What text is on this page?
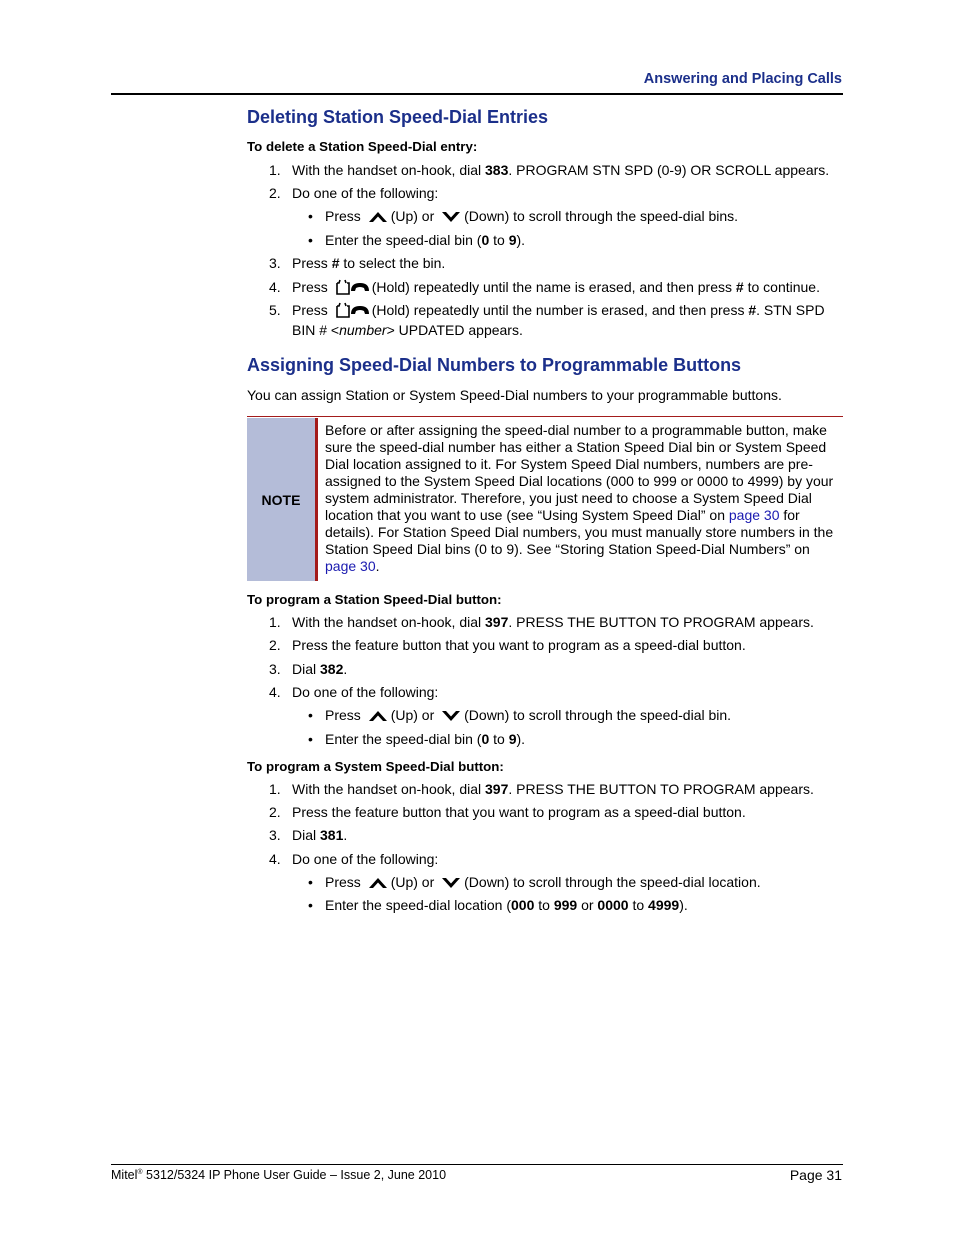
Answering and Placing Calls
Deleting Station Speed-Dial Entries
To delete a Station Speed-Dial entry:
1. With the handset on-hook, dial 383. PROGRAM STN SPD (0-9) OR SCROLL appears.
2. Do one of the following:
• Press (Up) or (Down) to scroll through the speed-dial bins.
• Enter the speed-dial bin (0 to 9).
3. Press # to select the bin.
4. Press	(Hold) repeatedly until the name is erased, and then press # to continue.
5. Press	(Hold) repeatedly until the number is erased, and then press #. STN SPD
BIN # <number> UPDATED appears.
Assigning Speed-Dial Numbers to Programmable Buttons
You can assign Station or System Speed-Dial numbers to your programmable buttons.
NOTE
Before or after assigning the speed-dial number to a programmable button, make
sure the speed-dial number has either a Station Speed Dial bin or System Speed
Dial location assigned to it. For System Speed Dial numbers, numbers are pre-
assigned to the System Speed Dial locations (000 to 999 or 0000 to 4999) by your
system administrator. Therefore, you just need to choose a System Speed Dial
location that you want to use (see “Using System Speed Dial” on page 30 for
details). For Station Speed Dial numbers, you must manually store numbers in the
Station Speed Dial bins (0 to 9). See “Storing Station Speed-Dial Numbers” on
page 30.
To program a Station Speed-Dial button:
1. With the handset on-hook, dial 397. PRESS THE BUTTON TO PROGRAM appears.
2. Press the feature button that you want to program as a speed-dial button.
3. Dial 382.
4. Do one of the following:
• Press (Up) or (Down) to scroll through the speed-dial bin.
• Enter the speed-dial bin (0 to 9).
To program a System Speed-Dial button:
1. With the handset on-hook, dial 397. PRESS THE BUTTON TO PROGRAM appears.
2. Press the feature button that you want to program as a speed-dial button.
3. Dial 381.
4. Do one of the following:
• Press (Up) or (Down) to scroll through the speed-dial location.
• Enter the speed-dial location (000 to 999 or 0000 to 4999).
Mitel® 5312/5324 IP Phone User Guide – Issue 2, June 2010	Page 31
